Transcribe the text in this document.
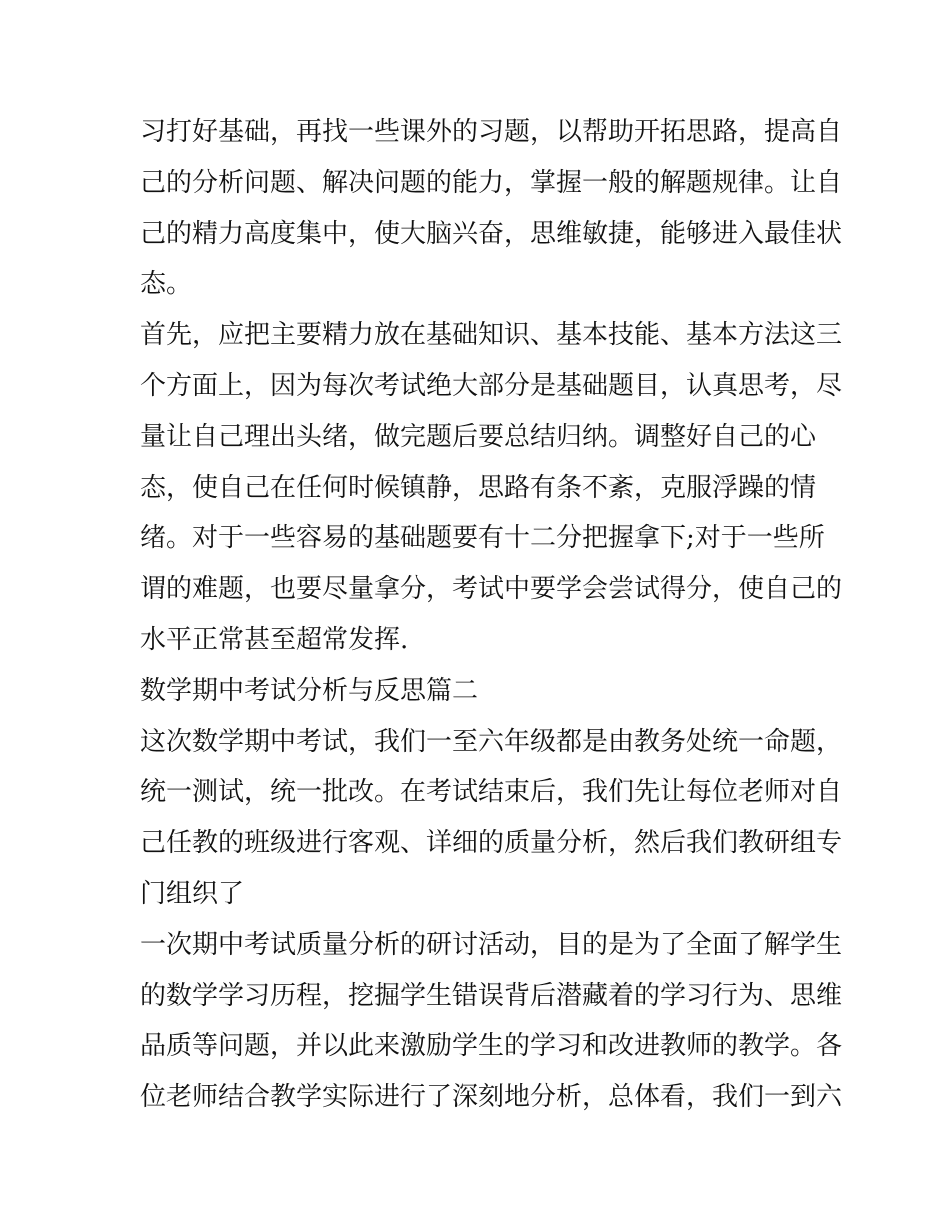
习打好基础，再找一些课外的习题，以帮助开拓思路，提高自
己的分析问题、解决问题的能力，掌握一般的解题规律。让自
己的精力高度集中，使大脑兴奋，思维敏捷，能够进入最佳状
态。
首先，应把主要精力放在基础知识、基本技能、基本方法这三
个方面上，因为每次考试绝大部分是基础题目，认真思考，尽
量让自己理出头绪，做完题后要总结归纳。调整好自己的心
态，使自己在任何时候镇静，思路有条不紊，克服浮躁的情
绪。对于一些容易的基础题要有十二分把握拿下;对于一些所
谓的难题，也要尽量拿分，考试中要学会尝试得分，使自己的
水平正常甚至超常发挥.
数学期中考试分析与反思篇二
这次数学期中考试，我们一至六年级都是由教务处统一命题，
统一测试，统一批改。在考试结束后，我们先让每位老师对自
己任教的班级进行客观、详细的质量分析，然后我们教研组专
门组织了
一次期中考试质量分析的研讨活动，目的是为了全面了解学生
的数学学习历程，挖掘学生错误背后潜藏着的学习行为、思维
品质等问题，并以此来激励学生的学习和改进教师的教学。各
位老师结合教学实际进行了深刻地分析，总体看，我们一到六
